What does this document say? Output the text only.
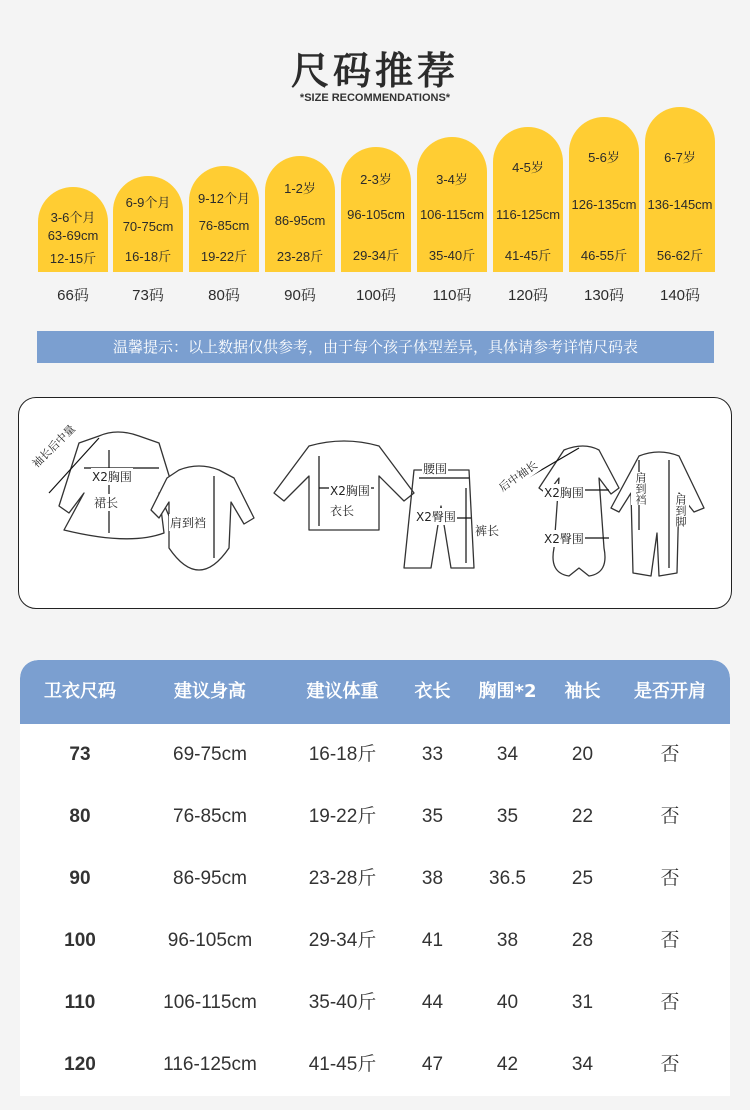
尺码推荐
*SIZE RECOMMENDATIONS*
3-6个月
63-69cm
12-15斤
6-9个月
70-75cm
16-18斤
9-12个月
76-85cm
19-22斤
1-2岁
86-95cm
23-28斤
2-3岁
96-105cm
29-34斤
3-4岁
106-115cm
35-40斤
4-5岁
116-125cm
41-45斤
5-6岁
126-135cm
46-55斤
6-7岁
136-145cm
56-62斤
66码	73码	80码	90码	100码	110码	120码	130码	140码
温馨提示：以上数据仅供参考，由于每个孩子体型差异，具体请参考详情尺码表
袖长后中量
X2胸围
裙长
肩到裆
X2胸围
衣长
腰围
X2臀围
裤长
后中袖长 X2胸围
X2臀围
肩到裆
肩到脚
卫衣尺码	建议身高	建议体重	衣长	胸围*2	袖长	是否开肩
73	69-75cm	16-18斤	33	34	20	否
80	76-85cm	19-22斤	35	35	22	否
90	86-95cm	23-28斤	38	36.5	25	否
100	96-105cm	29-34斤	41	38	28	否
110	106-115cm	35-40斤	44	40	31	否
120	116-125cm	41-45斤	47	42	34	否
